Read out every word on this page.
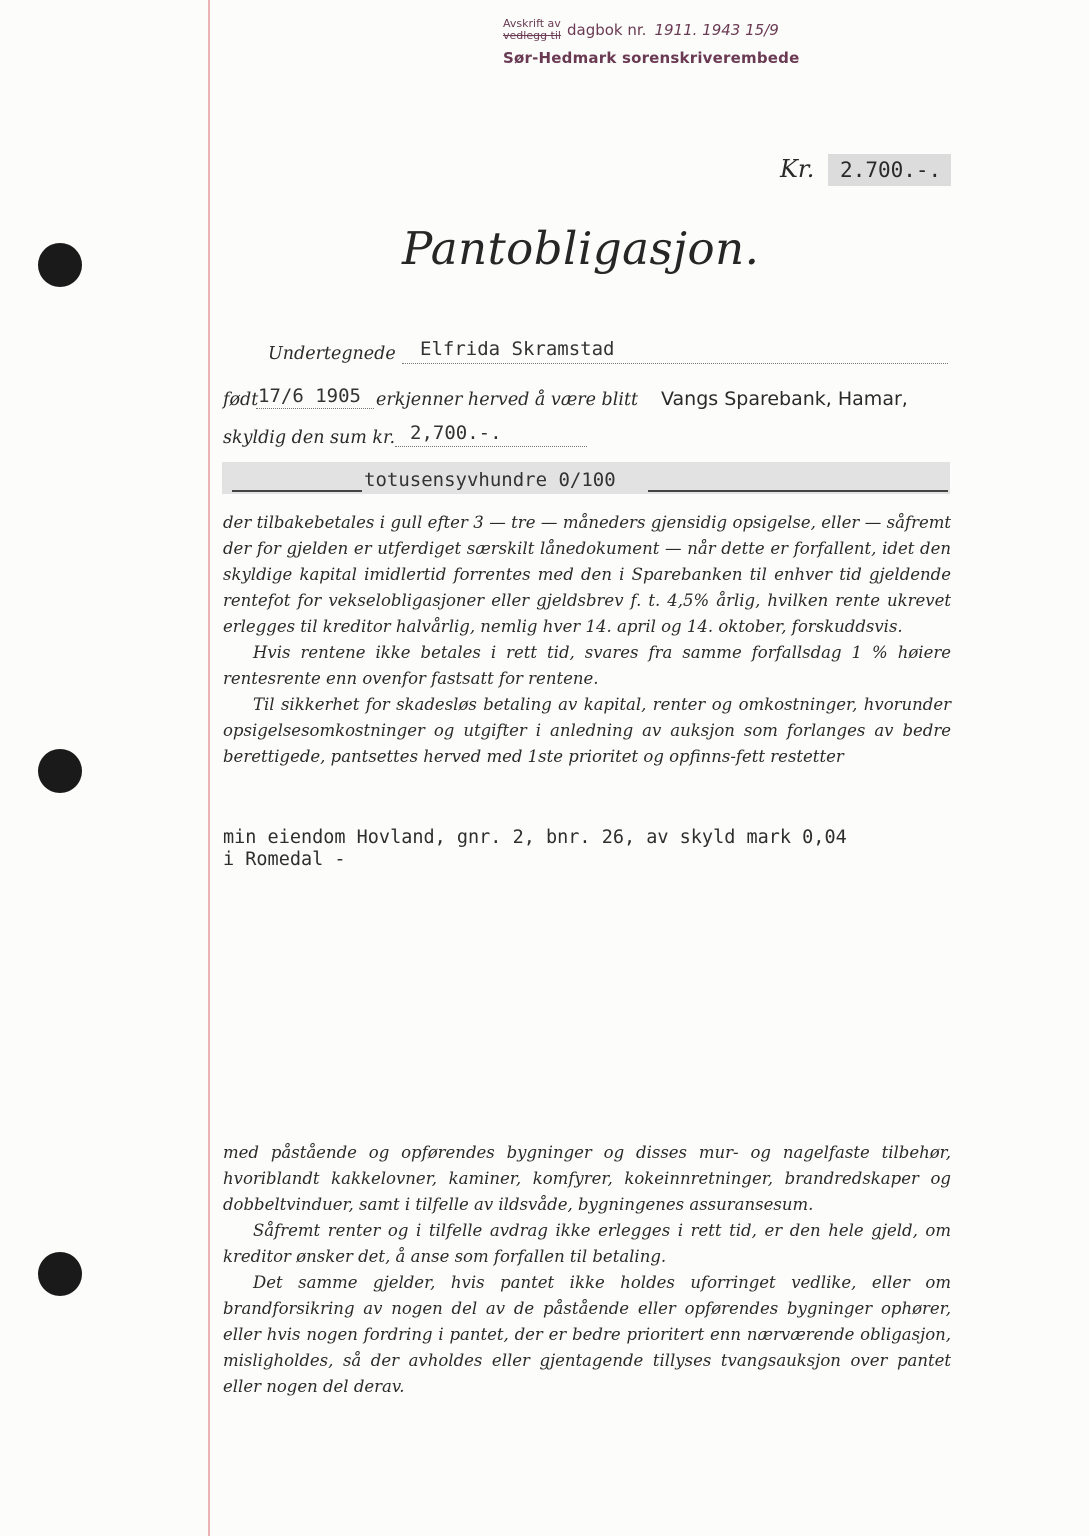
Avskrift av
vedlegg til dagbok nr. 1911. 1943 15/9
Sør-Hedmark sorenskriverembede
Kr. 2.700.-.
Pantobligasjon.
Undertegnede Elfrida Skramstad
født	erkjenner herved å være blitt Vangs Sparebank, Hamar,
17/6 1905
skyldig den sum kr. 2,700.-.
totusensyvhundre 0/100

der tilbakebetales i gull efter 3 — tre — måneders gjensidig opsigelse, eller — såfremt der for gjelden er utferdiget særskilt lånedokument — når dette er forfallent, idet den skyldige kapital imidlertid forrentes med den i Sparebanken til enhver tid gjeldende rentefot for vekselobligasjoner eller gjeldsbrev f. t. 4,5% årlig, hvilken rente ukrevet erlegges til kreditor halvårlig, nemlig hver 14. april og 14. oktober, forskuddsvis.

Hvis rentene ikke betales i rett tid, svares fra samme forfallsdag 1 % høiere rentesrente enn ovenfor fastsatt for rentene.

Til sikkerhet for skadesløs betaling av kapital, renter og omkostninger, hvorunder opsigelsesomkostninger og utgifter i anledning av auksjon som forlanges av bedre berettigede, pantsettes herved med 1ste prioritet og opfinns-fett restetter

min eiendom Hovland, gnr. 2, bnr. 26, av skyld mark 0,04
i Romedal -

med påstående og opførendes bygninger og disses mur- og nagelfaste tilbehør, hvoriblandt kakkelovner, kaminer, komfyrer, kokeinnretninger, brandredskaper og dobbeltvinduer, samt i tilfelle av ildsvåde, bygningenes assuransesum.

Såfremt renter og i tilfelle avdrag ikke erlegges i rett tid, er den hele gjeld, om kreditor ønsker det, å anse som forfallen til betaling.

Det samme gjelder, hvis pantet ikke holdes uforringet vedlike, eller om brandforsikring av nogen del av de påstående eller opførendes bygninger ophører, eller hvis nogen fordring i pantet, der er bedre prioritert enn nærværende obligasjon, misligholdes, så der avholdes eller gjentagende tillyses tvangsauksjon over pantet eller nogen del derav.
